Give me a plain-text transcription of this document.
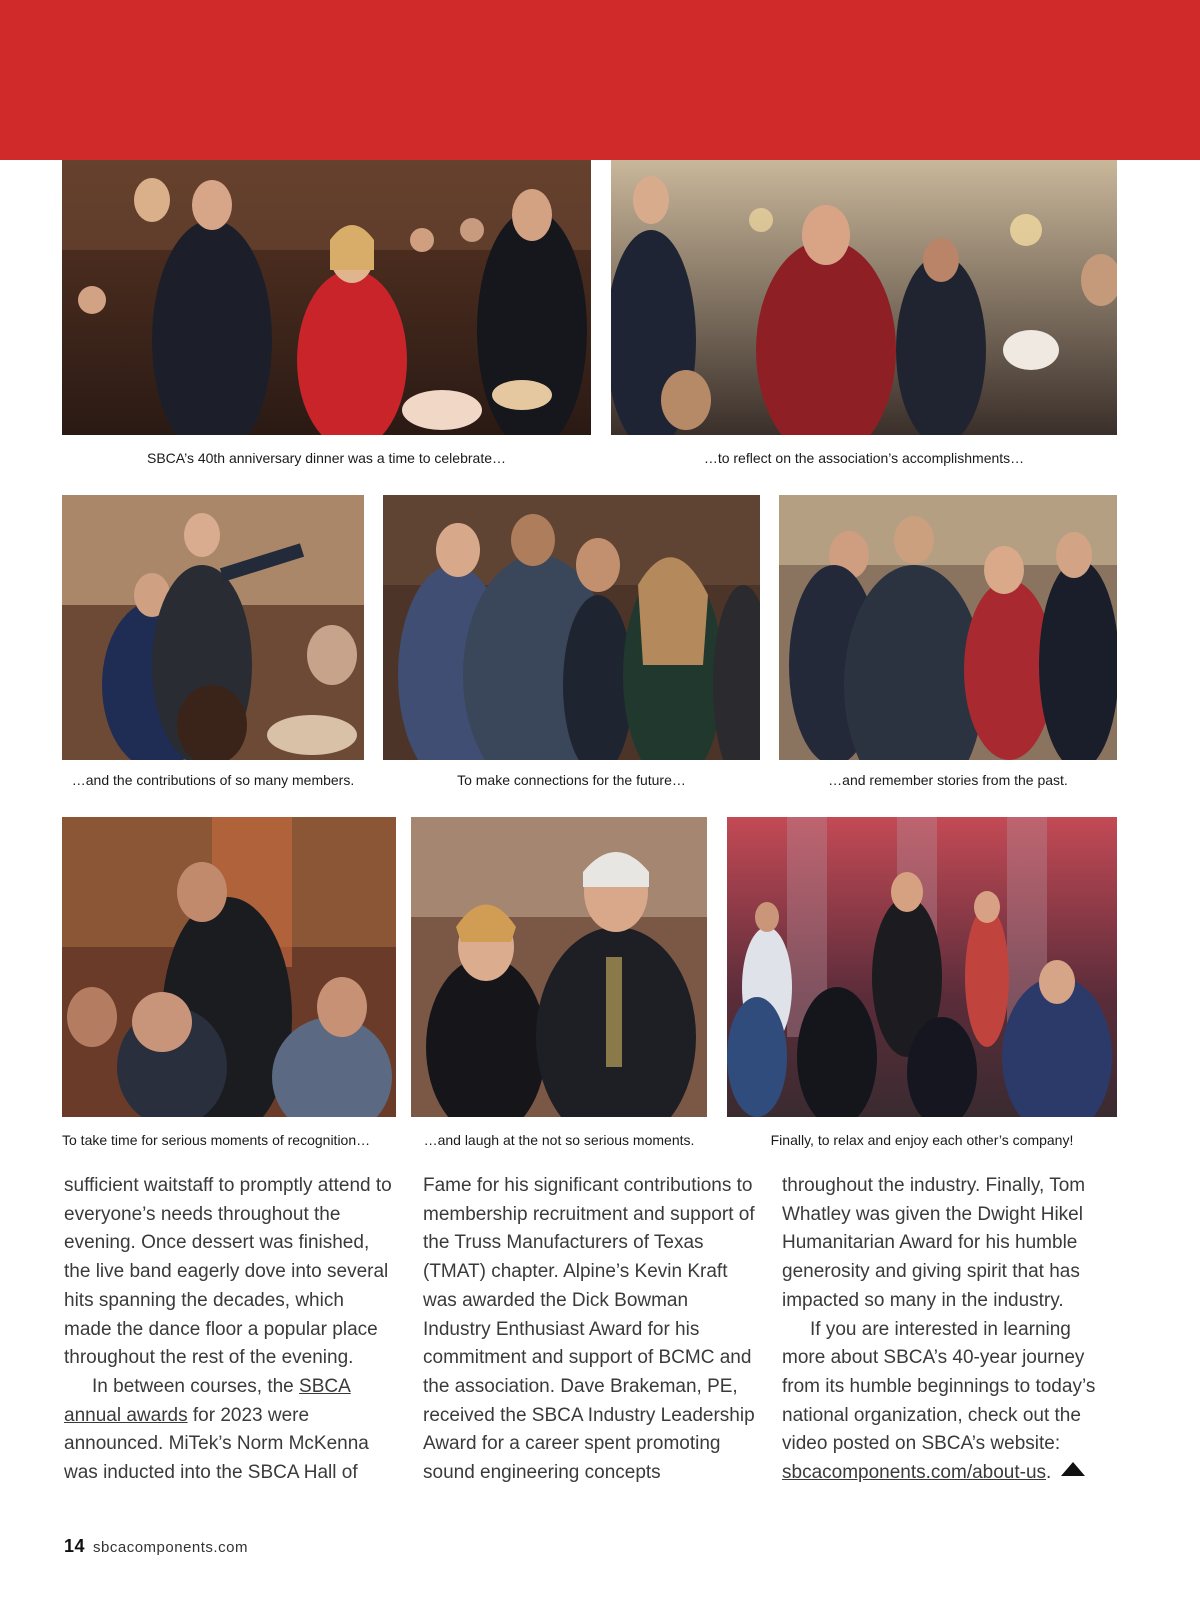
SBCA’s 40th anniversary dinner was a time to celebrate…	…to reflect on the association’s accomplishments…
…and the contributions of so many members.	To make connections for the future…	…and remember stories from the past.
To take time for serious moments of recognition…	…and laugh at the not so serious moments.	Finally, to relax and enjoy each other’s company!

sufficient waitstaff to promptly attend to everyone’s needs throughout the evening. Once dessert was finished, the live band eagerly dove into several hits spanning the decades, which made the dance floor a popular place throughout the rest of the evening.

In between courses, the SBCA annual awards for 2023 were announced. MiTek’s Norm McKenna was inducted into the SBCA Hall of

Fame for his significant contributions to membership recruitment and support of the Truss Manufacturers of Texas (TMAT) chapter. Alpine’s Kevin Kraft was awarded the Dick Bowman Industry Enthusiast Award for his commitment and support of BCMC and the association. Dave Brakeman, PE, received the SBCA Industry Leadership Award for a career spent promoting sound engineering concepts

throughout the industry. Finally, Tom Whatley was given the Dwight Hikel Humanitarian Award for his humble generosity and giving spirit that has impacted so many in the industry.

If you are interested in learning more about SBCA’s 40-year journey from its humble beginnings to today’s national organization, check out the video posted on SBCA’s website: sbcacomponents.com/about-us.

14 sbcacomponents.com
